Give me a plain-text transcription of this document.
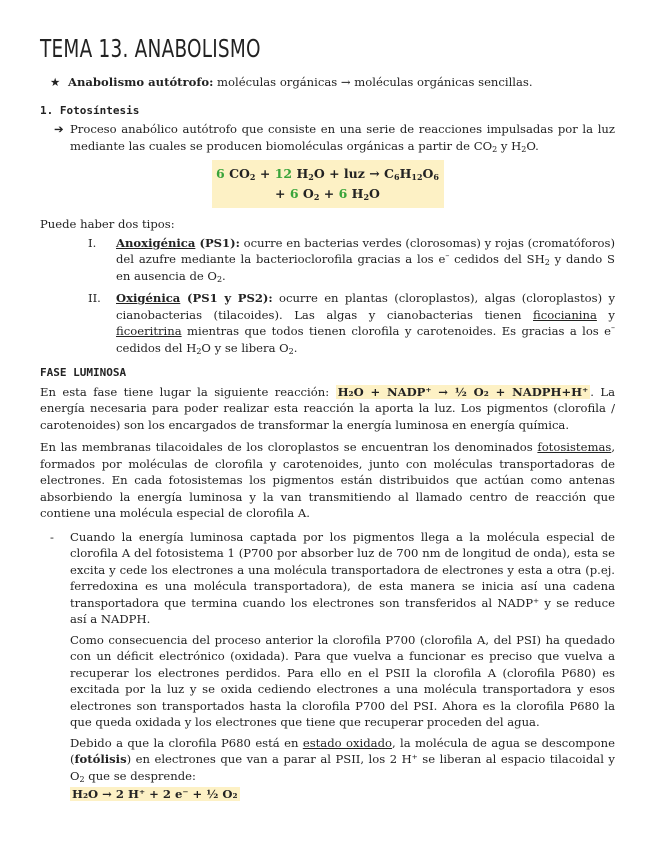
TEMA 13. ANABOLISMO
★ Anabolismo autótrofo: moléculas orgánicas → moléculas orgánicas sencillas.
1. Fotosíntesis
➔ Proceso anabólico autótrofo que consiste en una serie de reacciones impulsadas por la luz mediante las cuales se producen biomoléculas orgánicas a partir de $CO_2$ y $H_2O$.
6 $CO_2 + 12$ $H_2O$ + luz → $C_6H_{12}O_6 + 6$ $O_2 + 6$ $H_2O$

Puede haber dos tipos:

I. Anoxigénica (PS1): ocurre en bacterias verdes (clorosomas) y rojas (cromatóforos) del azufre mediante la bacterioclorofila gracias a los e– cedidos del $SH_2$ y dando S en ausencia de $O_2$.
II. Oxigénica (PS1 y PS2): ocurre en plantas (cloroplastos), algas (cloroplastos) y cianobacterias (tilacoides). Las algas y cianobacterias tienen ficocianina y ficoeritrina mientras que todos tienen clorofila y carotenoides. Es gracias a los e– cedidos del $H_2O$ y se libera $O_2$.
FASE LUMINOSA

En esta fase tiene lugar la siguiente reacción: H₂O + NADP⁺ → ½ O₂ + NADPH+H⁺ . La energía necesaria para poder realizar esta reacción la aporta la luz. Los pigmentos (clorofila / carotenoides) son los encargados de transformar la energía luminosa en energía química.

En las membranas tilacoidales de los cloroplastos se encuentran los denominados fotosistemas, formados por moléculas de clorofila y carotenoides, junto con moléculas transportadoras de electrones. En cada fotosistemas los pigmentos están distribuidos que actúan como antenas absorbiendo la energía luminosa y la van transmitiendo al llamado centro de reacción que contiene una molécula especial de clorofila A.

- Cuando la energía luminosa captada por los pigmentos llega a la molécula especial de clorofila A del fotosistema 1 (P700 por absorber luz de 700 nm de longitud de onda), esta se excita y cede los electrones a una molécula transportadora de electrones y esta a otra (p.ej. ferredoxina es una molécula transportadora), de esta manera se inicia así una cadena transportadora que termina cuando los electrones son transferidos al NADP⁺ y se reduce así a NADPH.

Como consecuencia del proceso anterior la clorofila P700 (clorofila A, del PSI) ha quedado con un déficit electrónico (oxidada). Para que vuelva a funcionar es preciso que vuelva a recuperar los electrones perdidos. Para ello en el PSII la clorofila A (clorofila P680) es excitada por la luz y se oxida cediendo electrones a una molécula transportadora y esos electrones son transportados hasta la clorofila P700 del PSI. Ahora es la clorofila P680 la que queda oxidada y los electrones que tiene que recuperar proceden del agua.

Debido a que la clorofila P680 está en estado oxidado, la molécula de agua se descompone (fotólisis) en electrones que van a parar al PSII, los 2 H⁺ se liberan al espacio tilacoidal y $O_2$ que se desprende:

H₂O → 2 H⁺ + 2 e⁻ + ½ O₂
